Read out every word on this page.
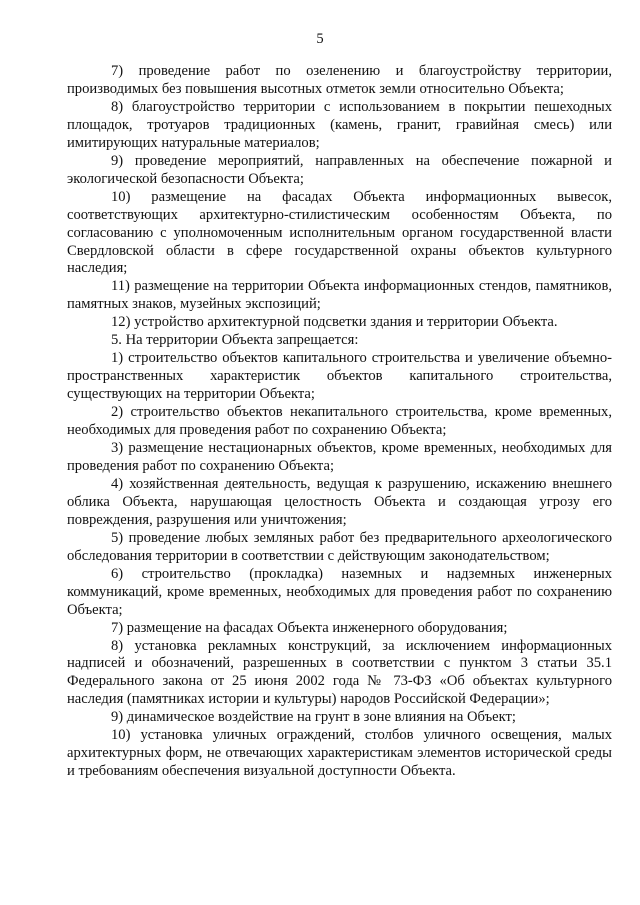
5

7) проведение работ по озеленению и благоустройству территории, производимых без повышения высотных отметок земли относительно Объекта;

8) благоустройство территории с использованием в покрытии пешеходных площадок, тротуаров традиционных (камень, гранит, гравийная смесь) или имитирующих натуральные материалов;

9) проведение мероприятий, направленных на обеспечение пожарной и экологической безопасности Объекта;

10) размещение на фасадах Объекта информационных вывесок, соответствующих архитектурно-стилистическим особенностям Объекта, по согласованию с уполномоченным исполнительным органом государственной власти Свердловской области в сфере государственной охраны объектов культурного наследия;

11) размещение на территории Объекта информационных стендов, памятников, памятных знаков, музейных экспозиций;

12) устройство архитектурной подсветки здания и территории Объекта.

5. На территории Объекта запрещается:

1) строительство объектов капитального строительства и увеличение объемно-пространственных характеристик объектов капитального строительства, существующих на территории Объекта;

2) строительство объектов некапитального строительства, кроме временных, необходимых для проведения работ по сохранению Объекта;

3) размещение нестационарных объектов, кроме временных, необходимых для проведения работ по сохранению Объекта;

4) хозяйственная деятельность, ведущая к разрушению, искажению внешнего облика Объекта, нарушающая целостность Объекта и создающая угрозу его повреждения, разрушения или уничтожения;

5) проведение любых земляных работ без предварительного археологического обследования территории в соответствии с действующим законодательством;

6) строительство (прокладка) наземных и надземных инженерных коммуникаций, кроме временных, необходимых для проведения работ по сохранению Объекта;

7) размещение на фасадах Объекта инженерного оборудования;

8) установка рекламных конструкций, за исключением информационных надписей и обозначений, разрешенных в соответствии с пунктом 3 статьи 35.1 Федерального закона от 25 июня 2002 года № 73-ФЗ «Об объектах культурного наследия (памятниках истории и культуры) народов Российской Федерации»;

9) динамическое воздействие на грунт в зоне влияния на Объект;

10) установка уличных ограждений, столбов уличного освещения, малых архитектурных форм, не отвечающих характеристикам элементов исторической среды и требованиям обеспечения визуальной доступности Объекта.
